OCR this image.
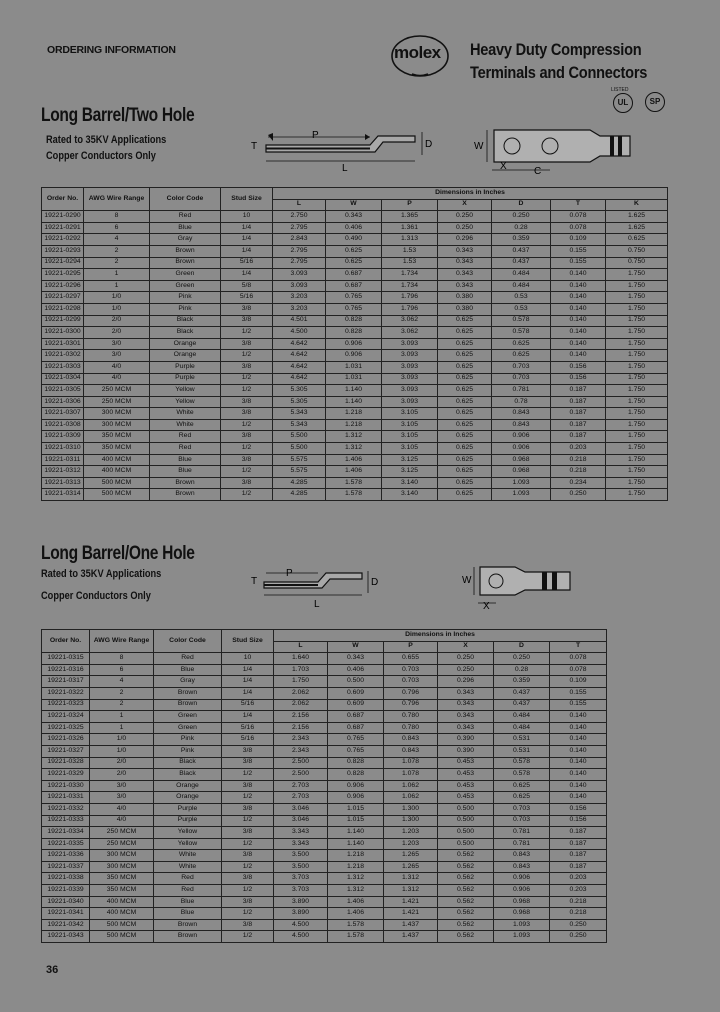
ORDERING INFORMATION	molex Heavy Duty Compression
Terminals and Connectors
LISTED
UL	SP
Long Barrel/Two Hole
Rated to 35KV Applications
Copper Conductors Only
P
T
L
D	W
X	C
Order No.	AWG Wire Range	Color Code	Stud Size	Dimensions in Inches						
				L	W	P	X	D	T	K
19221-0290	8	Red	10	2.750	0.343	1.365	0.250	0.250	0.078	1.625
19221-0291	6	Blue	1/4	2.795	0.406	1.361	0.250	0.28	0.078	1.625
19221-0292	4	Gray	1/4	2.843	0.490	1.313	0.296	0.359	0.109	0.625
19221-0293	2	Brown	1/4	2.795	0.625	1.53	0.343	0.437	0.155	0.750
19221-0294	2	Brown	5/16	2.795	0.625	1.53	0.343	0.437	0.155	0.750
19221-0295	1	Green	1/4	3.093	0.687	1.734	0.343	0.484	0.140	1.750
19221-0296	1	Green	5/8	3.093	0.687	1.734	0.343	0.484	0.140	1.750
19221-0297	1/0	Pink	5/16	3.203	0.765	1.796	0.380	0.53	0.140	1.750
19221-0298	1/0	Pink	3/8	3.203	0.765	1.796	0.380	0.53	0.140	1.750
19221-0299	2/0	Black	3/8	4.501	0.828	3.062	0.625	0.578	0.140	1.750
19221-0300	2/0	Black	1/2	4.500	0.828	3.062	0.625	0.578	0.140	1.750
19221-0301	3/0	Orange	3/8	4.642	0.906	3.093	0.625	0.625	0.140	1.750
19221-0302	3/0	Orange	1/2	4.642	0.906	3.093	0.625	0.625	0.140	1.750
19221-0303	4/0	Purple	3/8	4.642	1.031	3.093	0.625	0.703	0.156	1.750
19221-0304	4/0	Purple	1/2	4.642	1.031	3.093	0.625	0.703	0.156	1.750
19221-0305	250 MCM	Yellow	1/2	5.305	1.140	3.093	0.625	0.781	0.187	1.750
19221-0306	250 MCM	Yellow	3/8	5.305	1.140	3.093	0.625	0.78	0.187	1.750
19221-0307	300 MCM	White	3/8	5.343	1.218	3.105	0.625	0.843	0.187	1.750
19221-0308	300 MCM	White	1/2	5.343	1.218	3.105	0.625	0.843	0.187	1.750
19221-0309	350 MCM	Red	3/8	5.500	1.312	3.105	0.625	0.906	0.187	1.750
19221-0310	350 MCM	Red	1/2	5.500	1.312	3.105	0.625	0.906	0.203	1.750
19221-0311	400 MCM	Blue	3/8	5.575	1.406	3.125	0.625	0.968	0.218	1.750
19221-0312	400 MCM	Blue	1/2	5.575	1.406	3.125	0.625	0.968	0.218	1.750
19221-0313	500 MCM	Brown	3/8	4.285	1.578	3.140	0.625	1.093	0.234	1.750
19221-0314	500 MCM	Brown	1/2	4.285	1.578	3.140	0.625	1.093	0.250	1.750
Long Barrel/One Hole
Rated to 35KV Applications
Copper Conductors Only
T
P
L
D	W
X
Order No.	AWG Wire Range	Color Code	Stud Size	Dimensions in Inches					
				L	W	P	X	D	T
19221-0315	8	Red	10	1.640	0.343	0.655	0.250	0.250	0.078
19221-0316	6	Blue	1/4	1.703	0.406	0.703	0.250	0.28	0.078
19221-0317	4	Gray	1/4	1.750	0.500	0.703	0.296	0.359	0.109
19221-0322	2	Brown	1/4	2.062	0.609	0.796	0.343	0.437	0.155
19221-0323	2	Brown	5/16	2.062	0.609	0.796	0.343	0.437	0.155
19221-0324	1	Green	1/4	2.156	0.687	0.780	0.343	0.484	0.140
19221-0325	1	Green	5/16	2.156	0.687	0.780	0.343	0.484	0.140
19221-0326	1/0	Pink	5/16	2.343	0.765	0.843	0.390	0.531	0.140
19221-0327	1/0	Pink	3/8	2.343	0.765	0.843	0.390	0.531	0.140
19221-0328	2/0	Black	3/8	2.500	0.828	1.078	0.453	0.578	0.140
19221-0329	2/0	Black	1/2	2.500	0.828	1.078	0.453	0.578	0.140
19221-0330	3/0	Orange	3/8	2.703	0.906	1.062	0.453	0.625	0.140
19221-0331	3/0	Orange	1/2	2.703	0.906	1.062	0.453	0.625	0.140
19221-0332	4/0	Purple	3/8	3.046	1.015	1.300	0.500	0.703	0.156
19221-0333	4/0	Purple	1/2	3.046	1.015	1.300	0.500	0.703	0.156
19221-0334	250 MCM	Yellow	3/8	3.343	1.140	1.203	0.500	0.781	0.187
19221-0335	250 MCM	Yellow	1/2	3.343	1.140	1.203	0.500	0.781	0.187
19221-0336	300 MCM	White	3/8	3.500	1.218	1.265	0.562	0.843	0.187
19221-0337	300 MCM	White	1/2	3.500	1.218	1.265	0.562	0.843	0.187
19221-0338	350 MCM	Red	3/8	3.703	1.312	1.312	0.562	0.906	0.203
19221-0339	350 MCM	Red	1/2	3.703	1.312	1.312	0.562	0.906	0.203
19221-0340	400 MCM	Blue	3/8	3.890	1.406	1.421	0.562	0.968	0.218
19221-0341	400 MCM	Blue	1/2	3.890	1.406	1.421	0.562	0.968	0.218
19221-0342	500 MCM	Brown	3/8	4.500	1.578	1.437	0.562	1.093	0.250
19221-0343	500 MCM	Brown	1/2	4.500	1.578	1.437	0.562	1.093	0.250
36
